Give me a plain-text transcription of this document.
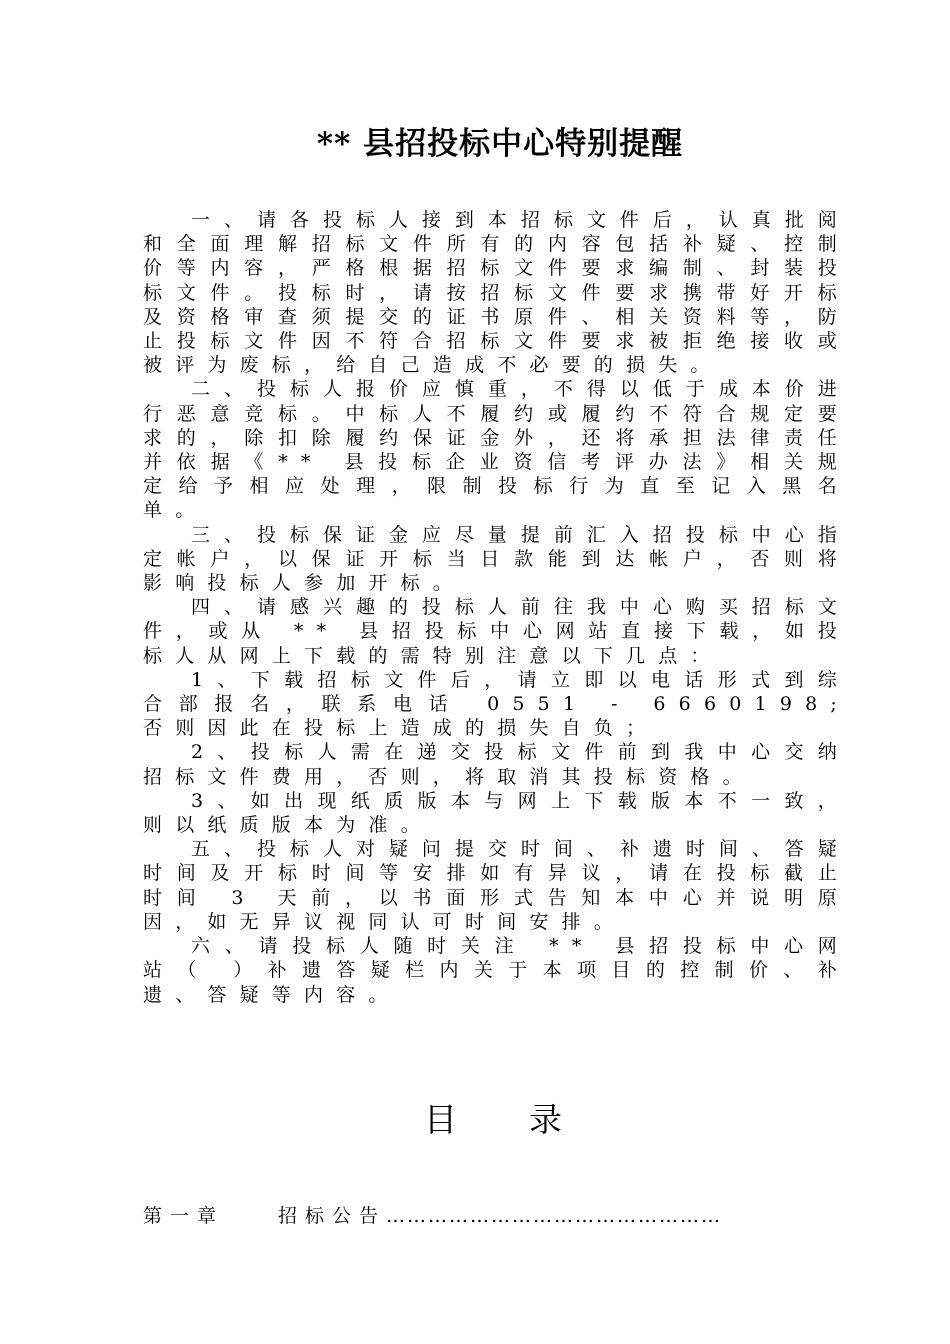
** 县招投标中心特别提醒

一、请各投标人接到本招标文件后，认真批阅和全面理解招标文件所有的内容包括补疑、控制价等内容，严格根据招标文件要求编制、封装投标文件。投标时，请按招标文件要求携带好开标及资格审查须提交的证书原件、相关资料等，防止投标文件因不符合招标文件要求被拒绝接收或被评为废标，给自己造成不必要的损失。

二、投标人报价应慎重，不得以低于成本价进行恶意竞标。中标人不履约或履约不符合规定要求的，除扣除履约保证金外，还将承担法律责任并依据《** 县投标企业资信考评办法》相关规定给予相应处理，限制投标行为直至记入黑名单。

三、投标保证金应尽量提前汇入招投标中心指定帐户，以保证开标当日款能到达帐户，否则将影响投标人参加开标。

四、请感兴趣的投标人前往我中心购买招标文件，或从 ** 县招投标中心网站直接下载，如投标人从网上下载的需特别注意以下几点：

1、下载招标文件后，请立即以电话形式到综合部报名，联系电话 0551 - 6660198; 否则因此在投标上造成的损失自负；

2、投标人需在递交投标文件前到我中心交纳招标文件费用，否则，将取消其投标资格。

3、如出现纸质版本与网上下载版本不一致，则以纸质版本为准。

五、投标人对疑问提交时间、补遗时间、答疑时间及开标时间等安排如有异议，请在投标截止时间 3 天前，以书面形式告知本中心并说明原因，如无异议视同认可时间安排。

六、请投标人随时关注 ** 县招投标中心网站（ ）补遗答疑栏内关于本项目的控制价、补遗、答疑等内容。

目录
第一章	招标公告…………………………………………
